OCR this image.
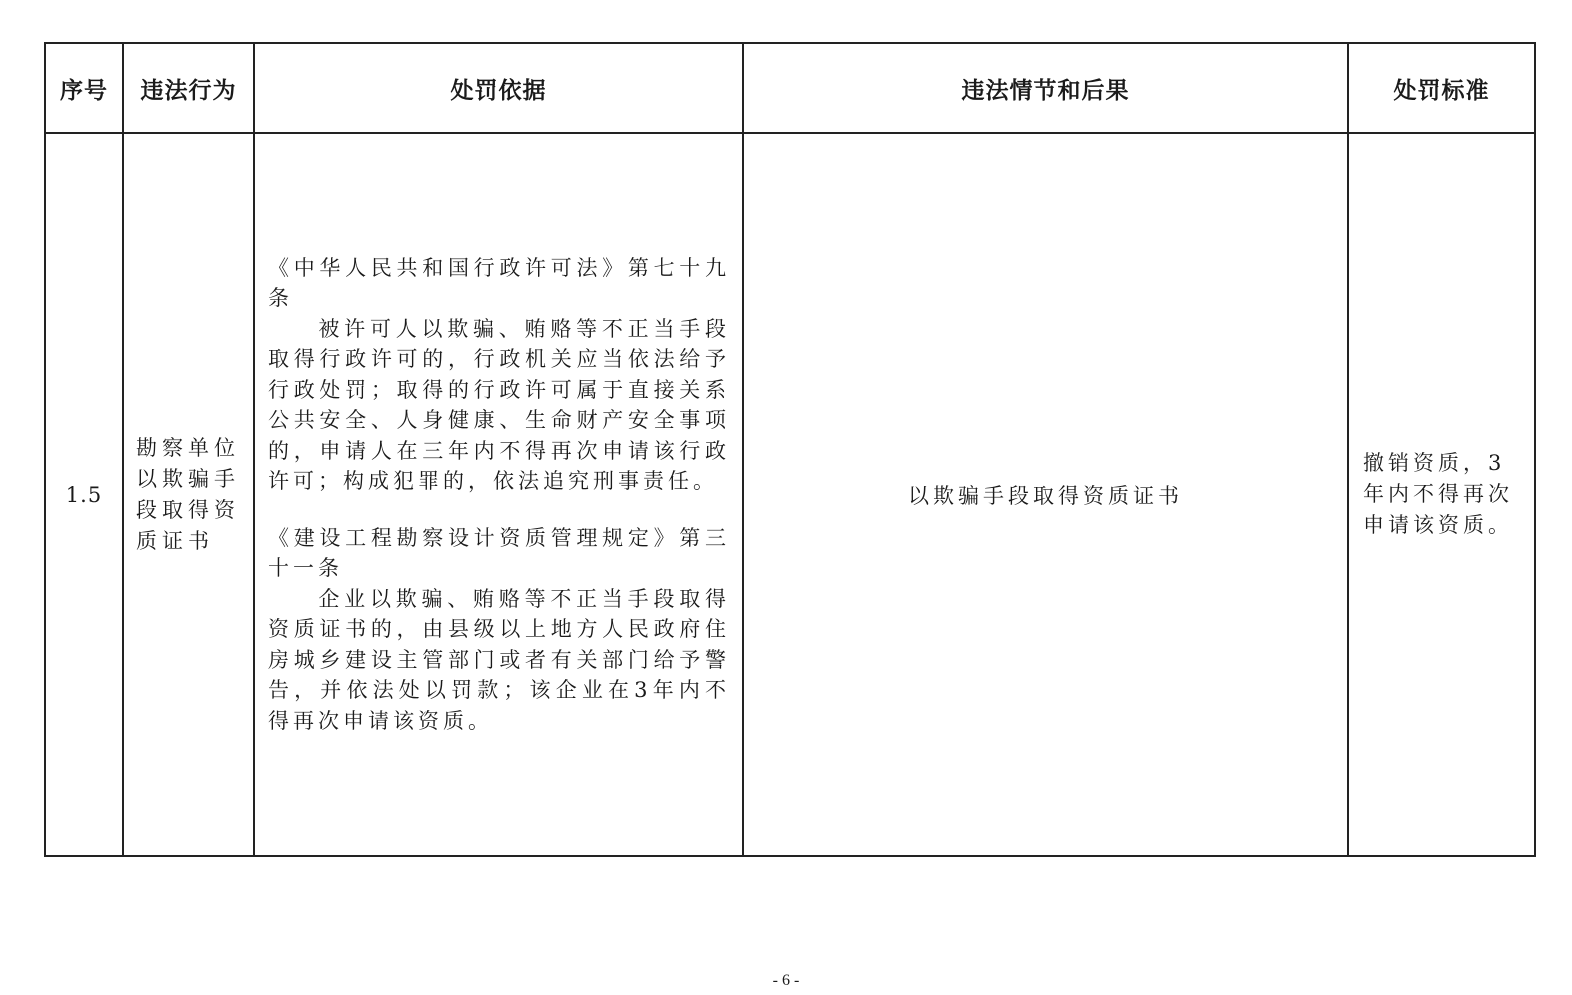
序号	违法行为	处罚依据	违法情节和后果	处罚标准
1.5	勘察单位以欺骗手段取得资质证书	《中华人民共和国行政许可法》第七十九条
被许可人以欺骗、贿赂等不正当手段取得行政许可的，行政机关应当依法给予行政处罚；取得的行政许可属于直接关系公共安全、人身健康、生命财产安全事项的，申请人在三年内不得再次申请该行政许可；构成犯罪的，依法追究刑事责任。
《建设工程勘察设计资质管理规定》第三十一条
企业以欺骗、贿赂等不正当手段取得资质证书的，由县级以上地方人民政府住房城乡建设主管部门或者有关部门给予警告，并依法处以罚款；该企业在3年内不得再次申请该资质。	以欺骗手段取得资质证书	撤销资质，3年内不得再次申请该资质。
- 6 -
